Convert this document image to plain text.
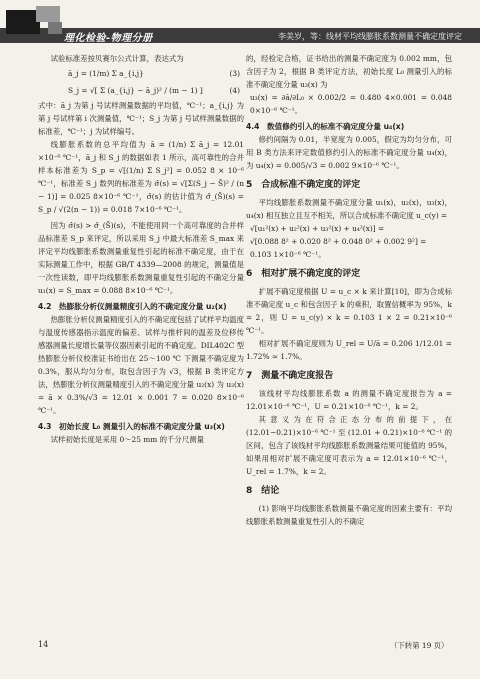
理化检验-物理分册	李美岁，等：线材平均线膨胀系数测量不确定度评定

试验标准差按贝赛尔公式计算，表达式为

ā_j = (1/m) Σ a_{i,j}	(3)
S_j = √[ Σ (a_{i,j} − ā_j)² / (m − 1) ]	(4)

式中：ā_j 为第 j 号试样测量数据的平均值，℃⁻¹；a_{i,j} 为第 j 号试样第 i 次测量值，℃⁻¹；S_j 为第 j 号试样测量数据的标准差，℃⁻¹；j 为试样编号。

线膨胀系数的总平均值为 ā = (1/n) Σ ā_j = 12.01 ×10⁻⁶ ℃⁻¹，ā_j 和 S_j 的数据如表 1 所示，高可靠性的合并样本标准差为 S_p = √[(1/n) Σ S_j²] = 0.052 8 × 10⁻⁶ ℃⁻¹，标准差 S_j 数列的标准差为 σ̂(s) = √[Σ(S_j − S̄)² / (n − 1)] = 0.025 8×10⁻⁶ ℃⁻¹，σ̂(s) 的估计值为 σ̂_(S̄)(s) = S_p / √(2(n − 1)) = 0.018 7×10⁻⁶ ℃⁻¹。

因为 σ̂(s) > σ̂_(S̄)(s)，不能使用同一个高可靠度的合并样品标准差 S_p 来评定，所以采用 S_j 中最大标准差 S_max 来评定平均线膨胀系数测量重复性引起的标准不确定度，由于在实际测量工作中，根据 GB/T 4339—2008 的规定，测量值是一次性读数，即平均线膨胀系数测量重复性引起的不确定分量 u₁(x) = S_max = 0.088 8×10⁻⁶ ℃⁻¹。

4.2　热膨胀分析仪测量精度引入的不确定度分量 u₂(x)

热膨胀分析仪测量精度引入的不确定度包括了试样平均温度与温度传感器指示温度的偏差、试样与推杆间的温差及位移传感器测量长度增长量等仪器因素引起的不确定度。DIL402C 型热膨胀分析仪校准证书给出在 25～100 ℃ 下测量不确定度为 0.3%，服从均匀分布，取包含因子为 √3，根据 B 类评定方法，热膨胀分析仪测量精度引入的不确定度分量 u₂(x) 为 u₂(x) = ā × 0.3%/√3 = 12.01 × 0.001 7 = 0.020 8×10⁻⁶ ℃⁻¹。

4.3　初始长度 L₀ 测量引入的标准不确定度分量 u₃(x)

试样初始长度是采用 0～25 mm 的千分尺测量

的，经检定合格，证书给出的测量不确定度为 0.002 mm，包含因子为 2，根据 B 类评定方法，初始长度 L₀ 测量引入的标准不确定度分量 u₃(x) 为

u₃(x) = ∂ā/∂L₀ × 0.002/2 = 0.480 4×0.001 = 0.048 0×10⁻⁶ ℃⁻¹。

4.4　数值修约引入的标准不确定度分量 u₄(x)

修约间隔为 0.01，半宽度为 0.005，假定为均匀分布，可用 B 类方法来评定数值修约引入的标准不确定度分量 u₄(x)，为 u₄(x) = 0.005/√3 = 0.002 9×10⁻⁶ ℃⁻¹。

5　合成标准不确定度的评定

平均线膨胀系数测量不确定度分量 u₁(x)，u₂(x)，u₃(x)，u₄(x) 相互独立且互不相关，所以合成标准不确定度 u_c(y) =

√[u₁²(x) + u₂²(x) + u₃²(x) + u₄²(x)] =

√[0.088 8² + 0.020 8² + 0.048 0² + 0.002 9²] =

0.103 1×10⁻⁶ ℃⁻¹。

6　相对扩展不确定度的评定

扩展不确定度根据 U = u_c × k 来计算[10]，即为合成标准不确定度 u_c 和包含因子 k 的乘积，取置信概率为 95%，k = 2，则 U = u_c(y) × k = 0.103 1 × 2 = 0.21×10⁻⁶ ℃⁻¹。

相对扩展不确定度则为 U_rel = U/ā = 0.206 1/12.01 = 1.72% ≈ 1.7%。

7　测量不确定度报告

该线材平均线膨胀系数 a 的测量不确定度报告为 a = 12.01×10⁻⁶ ℃⁻¹，U = 0.21×10⁻⁶ ℃⁻¹，k = 2。

其意义为在符合正态分布的前提下，在 (12.01−0.21)×10⁻⁶ ℃⁻¹ 至 (12.01 + 0.21)×10⁻⁶ ℃⁻¹ 的区间，包含了该线材平均线膨胀系数测量结果可能值的 95%，如果用相对扩展不确定度可表示为 a = 12.01×10⁻⁶ ℃⁻¹，U_rel = 1.7%，k = 2。

8　结论

(1) 影响平均线膨胀系数测量不确定度的因素主要有：平均线膨胀系数测量重复性引入的不确定

14	（下转第 19 页）
